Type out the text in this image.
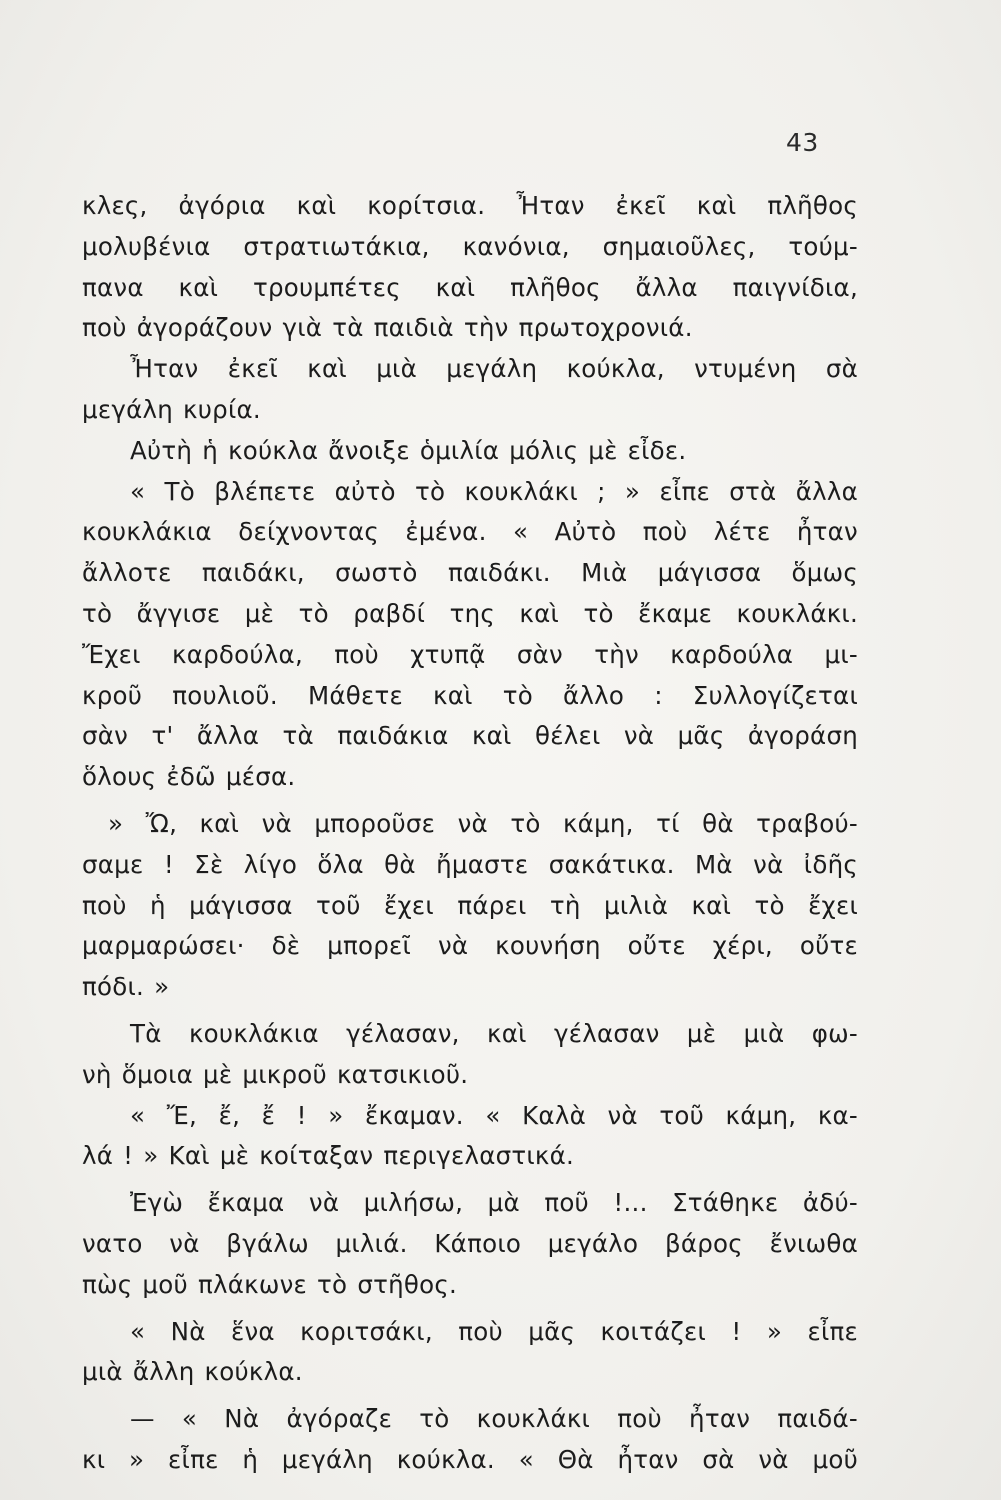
43
κλες, ἀγόρια καὶ κορίτσια. Ἦταν ἐκεῖ καὶ πλῆθος
μολυβένια στρατιωτάκια, κανόνια, σημαιοῦλες, τούμ-
πανα καὶ τρουμπέτες καὶ πλῆθος ἄλλα παιγνίδια,
ποὺ ἀγοράζουν γιὰ τὰ παιδιὰ τὴν πρωτοχρονιά.
Ἦταν ἐκεῖ καὶ μιὰ μεγάλη κούκλα, ντυμένη σὰ
μεγάλη κυρία.
Αὐτὴ ἡ κούκλα ἄνοιξε ὁμιλία μόλις μὲ εἶδε.
« Τὸ βλέπετε αὐτὸ τὸ κουκλάκι ; » εἶπε στὰ ἄλλα
κουκλάκια δείχνοντας ἐμένα. « Αὐτὸ ποὺ λέτε ἦταν
ἄλλοτε παιδάκι, σωστὸ παιδάκι. Μιὰ μάγισσα ὅμως
τὸ ἄγγισε μὲ τὸ ραβδί της καὶ τὸ ἔκαμε κουκλάκι.
Ἔχει καρδούλα, ποὺ χτυπᾷ σὰν τὴν καρδούλα μι-
κροῦ πουλιοῦ. Μάθετε καὶ τὸ ἄλλο : Συλλογίζεται
σὰν τ' ἄλλα τὰ παιδάκια καὶ θέλει νὰ μᾶς ἀγοράση
ὅλους ἐδῶ μέσα.
» Ὤ, καὶ νὰ μποροῦσε νὰ τὸ κάμη, τί θὰ τραβού-
σαμε ! Σὲ λίγο ὅλα θὰ ἤμαστε σακάτικα. Μὰ νὰ ἰδῆς
ποὺ ἡ μάγισσα τοῦ ἔχει πάρει τὴ μιλιὰ καὶ τὸ ἔχει
μαρμαρώσει· δὲ μπορεῖ νὰ κουνήση οὔτε χέρι, οὔτε
πόδι. »
Τὰ κουκλάκια γέλασαν, καὶ γέλασαν μὲ μιὰ φω-
νὴ ὅμοια μὲ μικροῦ κατσικιοῦ.
« Ἔ, ἔ, ἔ ! » ἔκαμαν. « Καλὰ νὰ τοῦ κάμη, κα-
λά ! » Καὶ μὲ κοίταξαν περιγελαστικά.
Ἐγὼ ἔκαμα νὰ μιλήσω, μὰ ποῦ !... Στάθηκε ἀδύ-
νατο νὰ βγάλω μιλιά. Κάποιο μεγάλο βάρος ἔνιωθα
πὼς μοῦ πλάκωνε τὸ στῆθος.
« Νὰ ἕνα κοριτσάκι, ποὺ μᾶς κοιτάζει ! » εἶπε
μιὰ ἄλλη κούκλα.
— « Νὰ ἀγόραζε τὸ κουκλάκι ποὺ ἦταν παιδά-
κι » εἶπε ἡ μεγάλη κούκλα. « Θὰ ἦταν σὰ νὰ μοῦ
